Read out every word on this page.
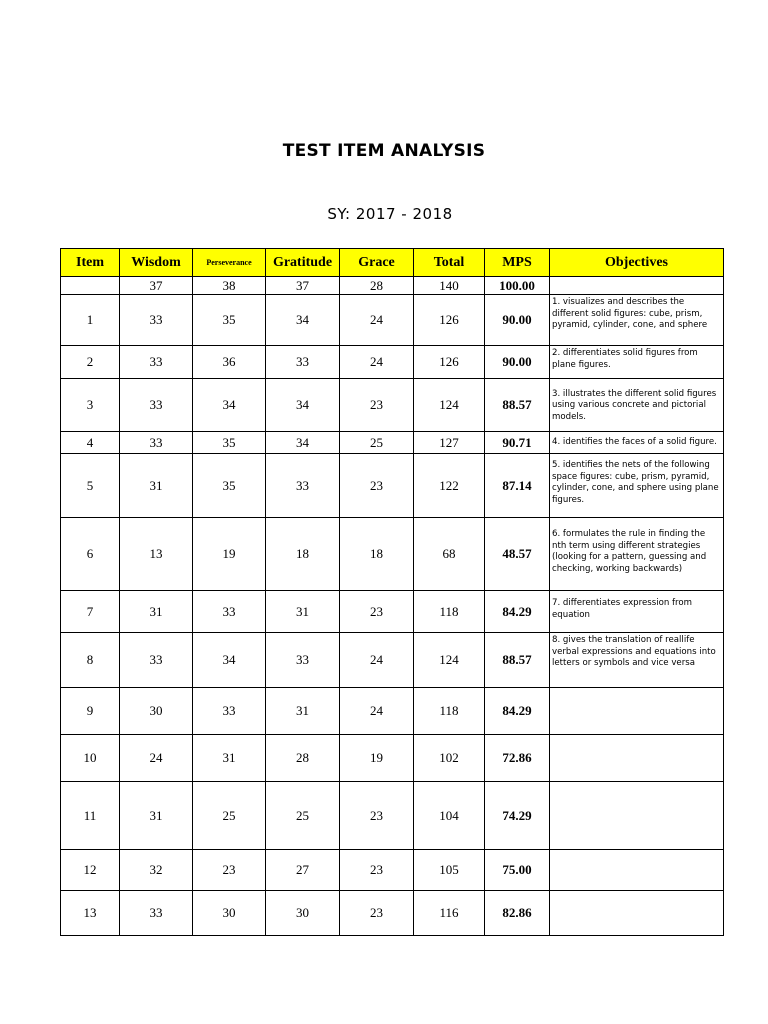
TEST ITEM ANALYSIS
SY: 2017 - 2018
Item	Wisdom	Perseverance	Gratitude	Grace	Total	MPS	Objectives
	37	38	37	28	140	100.00	
1	33	35	34	24	126	90.00	1. visualizes and describes the different solid figures: cube, prism, pyramid, cylinder, cone, and sphere
2	33	36	33	24	126	90.00	2. differentiates solid figures from plane figures.
3	33	34	34	23	124	88.57	3. illustrates the different solid figures using various concrete and pictorial models.
4	33	35	34	25	127	90.71	4. identifies the faces of a solid figure.
5	31	35	33	23	122	87.14	5. identifies the nets of the following space figures: cube, prism, pyramid, cylinder, cone, and sphere using plane figures.
6	13	19	18	18	68	48.57	6. formulates the rule in finding the nth term using different strategies (looking for a pattern, guessing and checking, working backwards)
7	31	33	31	23	118	84.29	7. differentiates expression from equation
8	33	34	33	24	124	88.57	8. gives the translation of reallife verbal expressions and equations into letters or symbols and vice versa
9	30	33	31	24	118	84.29	
10	24	31	28	19	102	72.86	
11	31	25	25	23	104	74.29	
12	32	23	27	23	105	75.00	
13	33	30	30	23	116	82.86	
